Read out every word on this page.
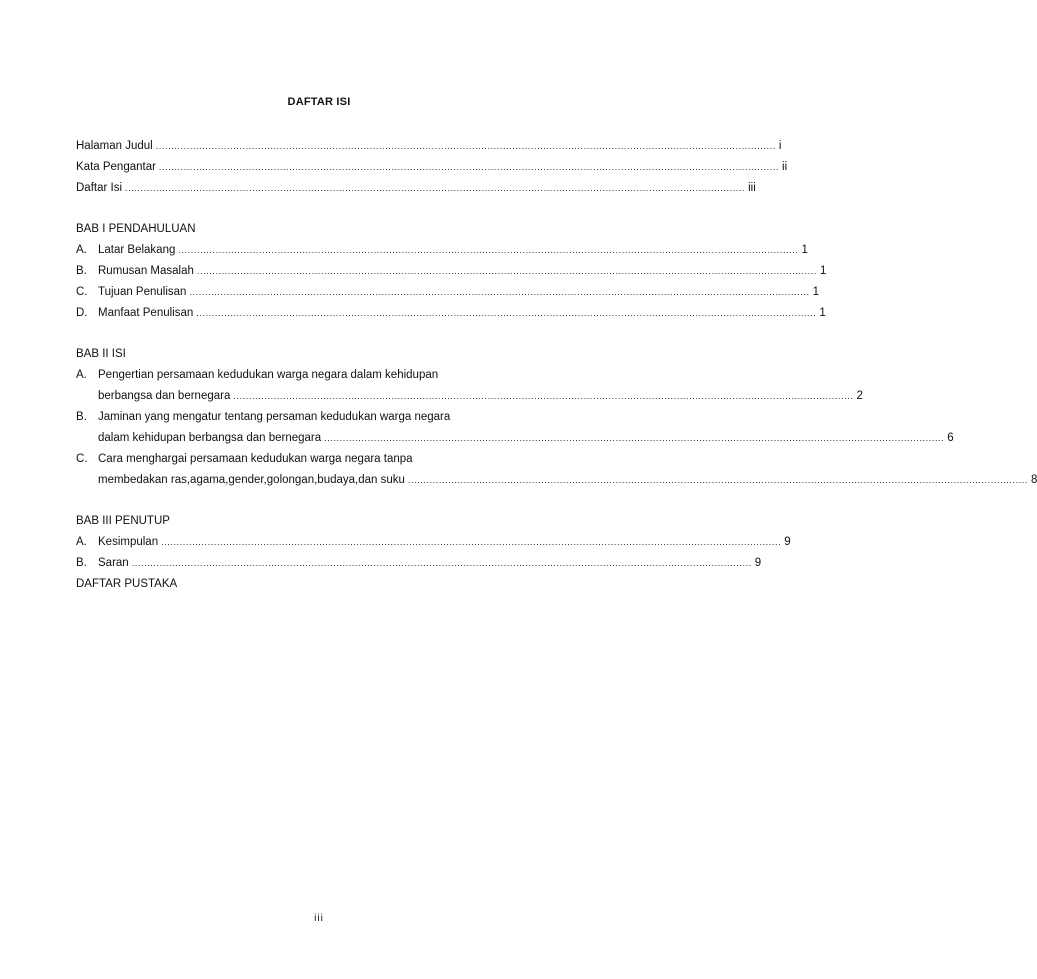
DAFTAR ISI
Halaman Judul ........................................................................................................................................................................................................ i
Kata Pengantar ........................................................................................................................................................................................................ ii
Daftar Isi ........................................................................................................................................................................................................ iii
BAB I PENDAHULUAN
A. Latar Belakang ........................................................................................................................................................................................................ 1
B. Rumusan Masalah ........................................................................................................................................................................................................ 1
C. Tujuan Penulisan ........................................................................................................................................................................................................ 1
D. Manfaat Penulisan ........................................................................................................................................................................................................ 1
BAB II ISI
A. Pengertian persamaan kedudukan warga negara dalam kehidupan
berbangsa dan bernegara ........................................................................................................................................................................................................ 2
B. Jaminan yang mengatur tentang persaman kedudukan warga negara
dalam kehidupan berbangsa dan bernegara ........................................................................................................................................................................................................ 6
C. Cara menghargai persamaan kedudukan warga negara tanpa
membedakan ras,agama,gender,golongan,budaya,dan suku ........................................................................................................................................................................................................ 8
BAB III PENUTUP
A. Kesimpulan ........................................................................................................................................................................................................ 9
B. Saran ........................................................................................................................................................................................................ 9
DAFTAR PUSTAKA
iii
